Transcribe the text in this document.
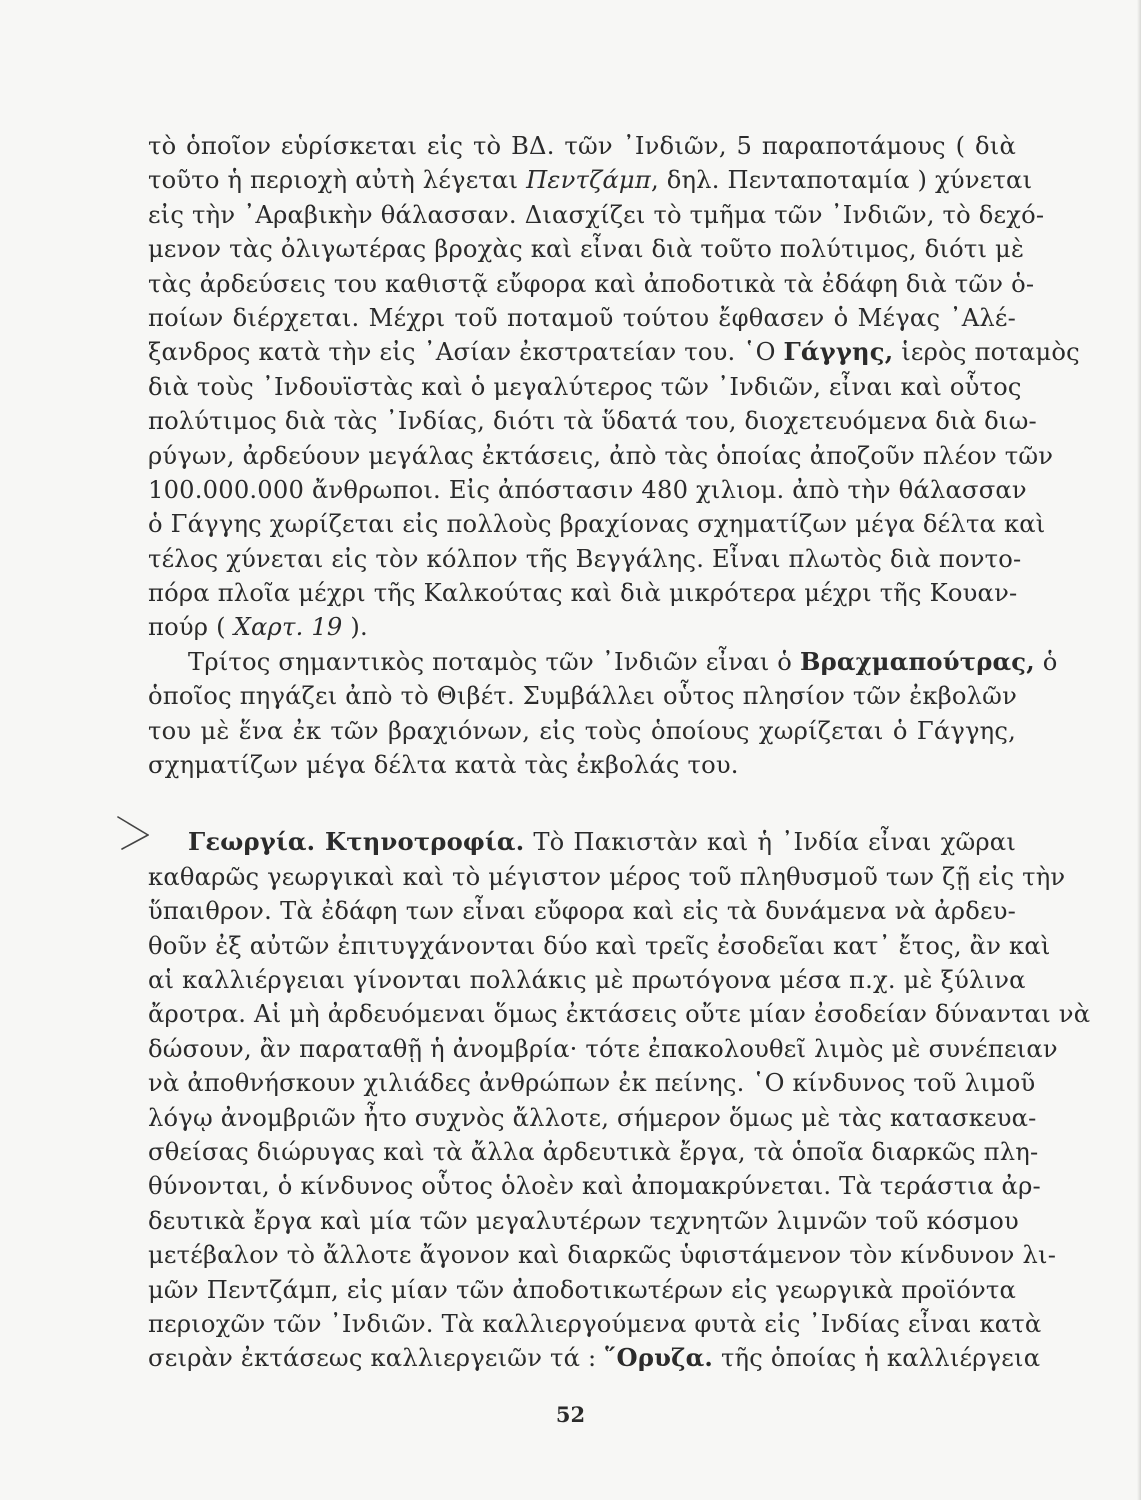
τὸ ὁποῖον εὑρίσκεται εἰς τὸ ΒΔ. τῶν ᾿Ινδιῶν, 5 παραποτάμους ( διὰ
τοῦτο ἡ περιοχὴ αὐτὴ λέγεται Πεντζάμπ, δηλ. Πενταποταμία ) χύνεται
εἰς τὴν ᾿Αραβικὴν θάλασσαν. Διασχίζει τὸ τμῆμα τῶν ᾿Ινδιῶν, τὸ δεχό-
μενον τὰς ὀλιγωτέρας βροχὰς καὶ εἶναι διὰ τοῦτο πολύτιμος, διότι μὲ
τὰς ἀρδεύσεις του καθιστᾷ εὔφορα καὶ ἀποδοτικὰ τὰ ἐδάφη διὰ τῶν ὁ-
ποίων διέρχεται. Μέχρι τοῦ ποταμοῦ τούτου ἔφθασεν ὁ Μέγας ᾿Αλέ-
ξανδρος κατὰ τὴν εἰς ᾿Ασίαν ἐκστρατείαν του. ῾Ο Γάγγης, ἱερὸς ποταμὸς
διὰ τοὺς ᾿Ινδουϊστὰς καὶ ὁ μεγαλύτερος τῶν ᾿Ινδιῶν, εἶναι καὶ οὗτος
πολύτιμος διὰ τὰς ᾿Ινδίας, διότι τὰ ὕδατά του, διοχετευόμενα διὰ διω-
ρύγων, ἀρδεύουν μεγάλας ἐκτάσεις, ἀπὸ τὰς ὁποίας ἀποζοῦν πλέον τῶν
100.000.000 ἄνθρωποι. Εἰς ἀπόστασιν 480 χιλιομ. ἀπὸ τὴν θάλασσαν
ὁ Γάγγης χωρίζεται εἰς πολλοὺς βραχίονας σχηματίζων μέγα δέλτα καὶ
τέλος χύνεται εἰς τὸν κόλπον τῆς Βεγγάλης. Εἶναι πλωτὸς διὰ ποντο-
πόρα πλοῖα μέχρι τῆς Καλκούτας καὶ διὰ μικρότερα μέχρι τῆς Κουαν-
πούρ ( Χαρτ. 19 ).
Τρίτος σημαντικὸς ποταμὸς τῶν ᾿Ινδιῶν εἶναι ὁ Βραχμαπούτρας, ὁ
ὁποῖος πηγάζει ἀπὸ τὸ Θιβέτ. Συμβάλλει οὗτος πλησίον τῶν ἐκβολῶν
του μὲ ἕνα ἐκ τῶν βραχιόνων, εἰς τοὺς ὁποίους χωρίζεται ὁ Γάγγης,
σχηματίζων μέγα δέλτα κατὰ τὰς ἐκβολάς του.
Γεωργία. Κτηνοτροφία. Τὸ Πακιστὰν καὶ ἡ ᾿Ινδία εἶναι χῶραι
καθαρῶς γεωργικαὶ καὶ τὸ μέγιστον μέρος τοῦ πληθυσμοῦ των ζῇ εἰς τὴν
ὕπαιθρον. Τὰ ἐδάφη των εἶναι εὔφορα καὶ εἰς τὰ δυνάμενα νὰ ἀρδευ-
θοῦν ἐξ αὐτῶν ἐπιτυγχάνονται δύο καὶ τρεῖς ἐσοδεῖαι κατ᾿ ἔτος, ἂν καὶ
αἱ καλλιέργειαι γίνονται πολλάκις μὲ πρωτόγονα μέσα π.χ. μὲ ξύλινα
ἄροτρα. Αἱ μὴ ἀρδευόμεναι ὅμως ἐκτάσεις οὔτε μίαν ἐσοδείαν δύνανται νὰ
δώσουν, ἂν παραταθῇ ἡ ἀνομβρία· τότε ἐπακολουθεῖ λιμὸς μὲ συνέπειαν
νὰ ἀποθνήσκουν χιλιάδες ἀνθρώπων ἐκ πείνης. ῾Ο κίνδυνος τοῦ λιμοῦ
λόγῳ ἀνομβριῶν ἦτο συχνὸς ἄλλοτε, σήμερον ὅμως μὲ τὰς κατασκευα-
σθείσας διώρυγας καὶ τὰ ἄλλα ἀρδευτικὰ ἔργα, τὰ ὁποῖα διαρκῶς πλη-
θύνονται, ὁ κίνδυνος οὗτος ὁλοὲν καὶ ἀπομακρύνεται. Τὰ τεράστια ἀρ-
δευτικὰ ἔργα καὶ μία τῶν μεγαλυτέρων τεχνητῶν λιμνῶν τοῦ κόσμου
μετέβαλον τὸ ἄλλοτε ἄγονον καὶ διαρκῶς ὑφιστάμενον τὸν κίνδυνον λι-
μῶν Πεντζάμπ, εἰς μίαν τῶν ἀποδοτικωτέρων εἰς γεωργικὰ προϊόντα
περιοχῶν τῶν ᾿Ινδιῶν. Τὰ καλλιεργούμενα φυτὰ εἰς ᾿Ινδίας εἶναι κατὰ
σειρὰν ἐκτάσεως καλλιεργειῶν τά : ῞Ορυζα. τῆς ὁποίας ἡ καλλιέργεια
52
